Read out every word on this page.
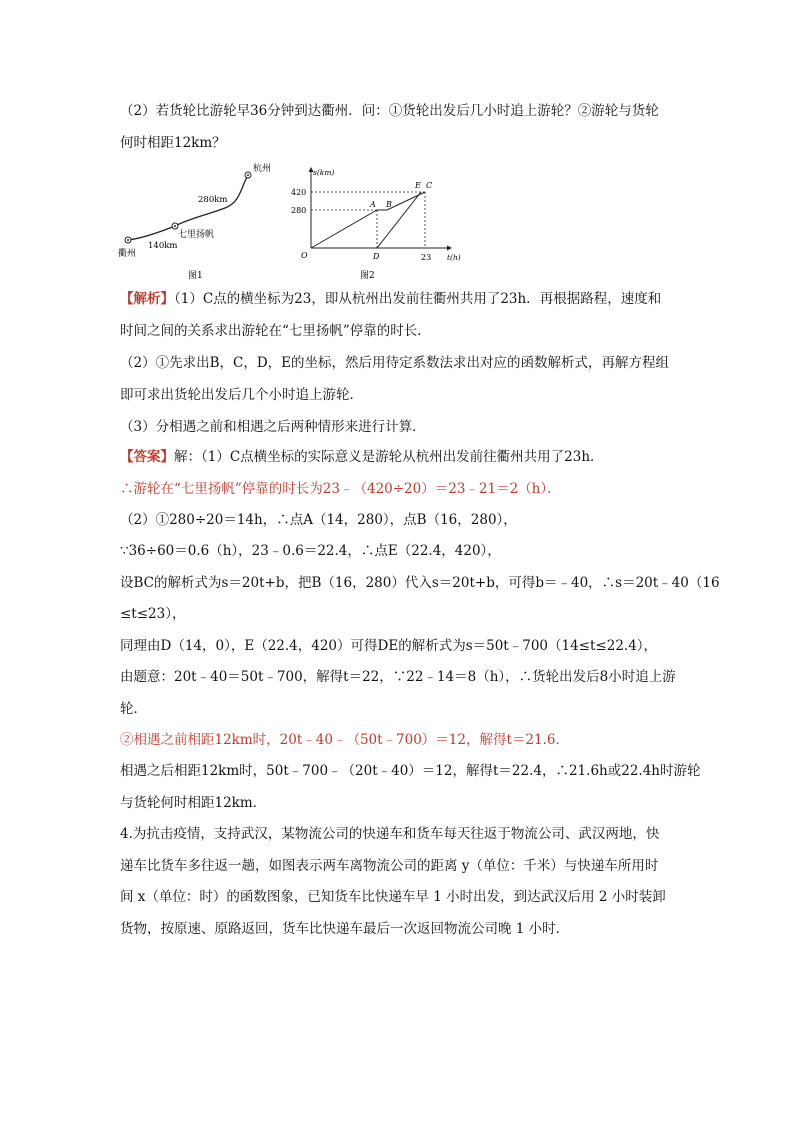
（2）若货轮比游轮早36分钟到达衢州．问：①货轮出发后几小时追上游轮？②游轮与货轮
何时相距12km？
杭州
280km
七里扬帆
140km
衢州
图1
s(km)
t(h)
O
420
280
23
A B
E C
D
图2
【解析】（1）C点的横坐标为23，即从杭州出发前往衢州共用了23h．再根据路程，速度和
时间之间的关系求出游轮在“七里扬帆”停靠的时长．
（2）①先求出B，C，D，E的坐标，然后用待定系数法求出对应的函数解析式，再解方程组
即可求出货轮出发后几个小时追上游轮．
（3）分相遇之前和相遇之后两种情形来进行计算．
【答案】解：（1）C点横坐标的实际意义是游轮从杭州出发前往衢州共用了23h．
∴游轮在“七里扬帆”停靠的时长为23﹣（420÷20）＝23﹣21＝2（h）．
（2）①280÷20＝14h，∴点A（14，280），点B（16，280），
∵36÷60＝0.6（h），23﹣0.6＝22.4，∴点E（22.4，420），
设BC的解析式为s＝20t+b，把B（16，280）代入s＝20t+b，可得b＝﹣40，∴s＝20t﹣40（16
≤t≤23），
同理由D（14，0），E（22.4，420）可得DE的解析式为s＝50t﹣700（14≤t≤22.4），
由题意：20t﹣40＝50t﹣700，解得t＝22，∵22﹣14＝8（h），∴货轮出发后8小时追上游
轮．
②相遇之前相距12km时，20t﹣40﹣（50t﹣700）＝12，解得t＝21.6．
相遇之后相距12km时，50t﹣700﹣（20t﹣40）＝12，解得t＝22.4，∴21.6h或22.4h时游轮
与货轮何时相距12km．
4.为抗击疫情，支持武汉，某物流公司的快递车和货车每天往返于物流公司、武汉两地，快
递车比货车多往返一趟，如图表示两车离物流公司的距离 y（单位：千米）与快递车所用时
间 x（单位：时）的函数图象，已知货车比快递车早 1 小时出发，到达武汉后用 2 小时装卸
货物，按原速、原路返回，货车比快递车最后一次返回物流公司晚 1 小时．
